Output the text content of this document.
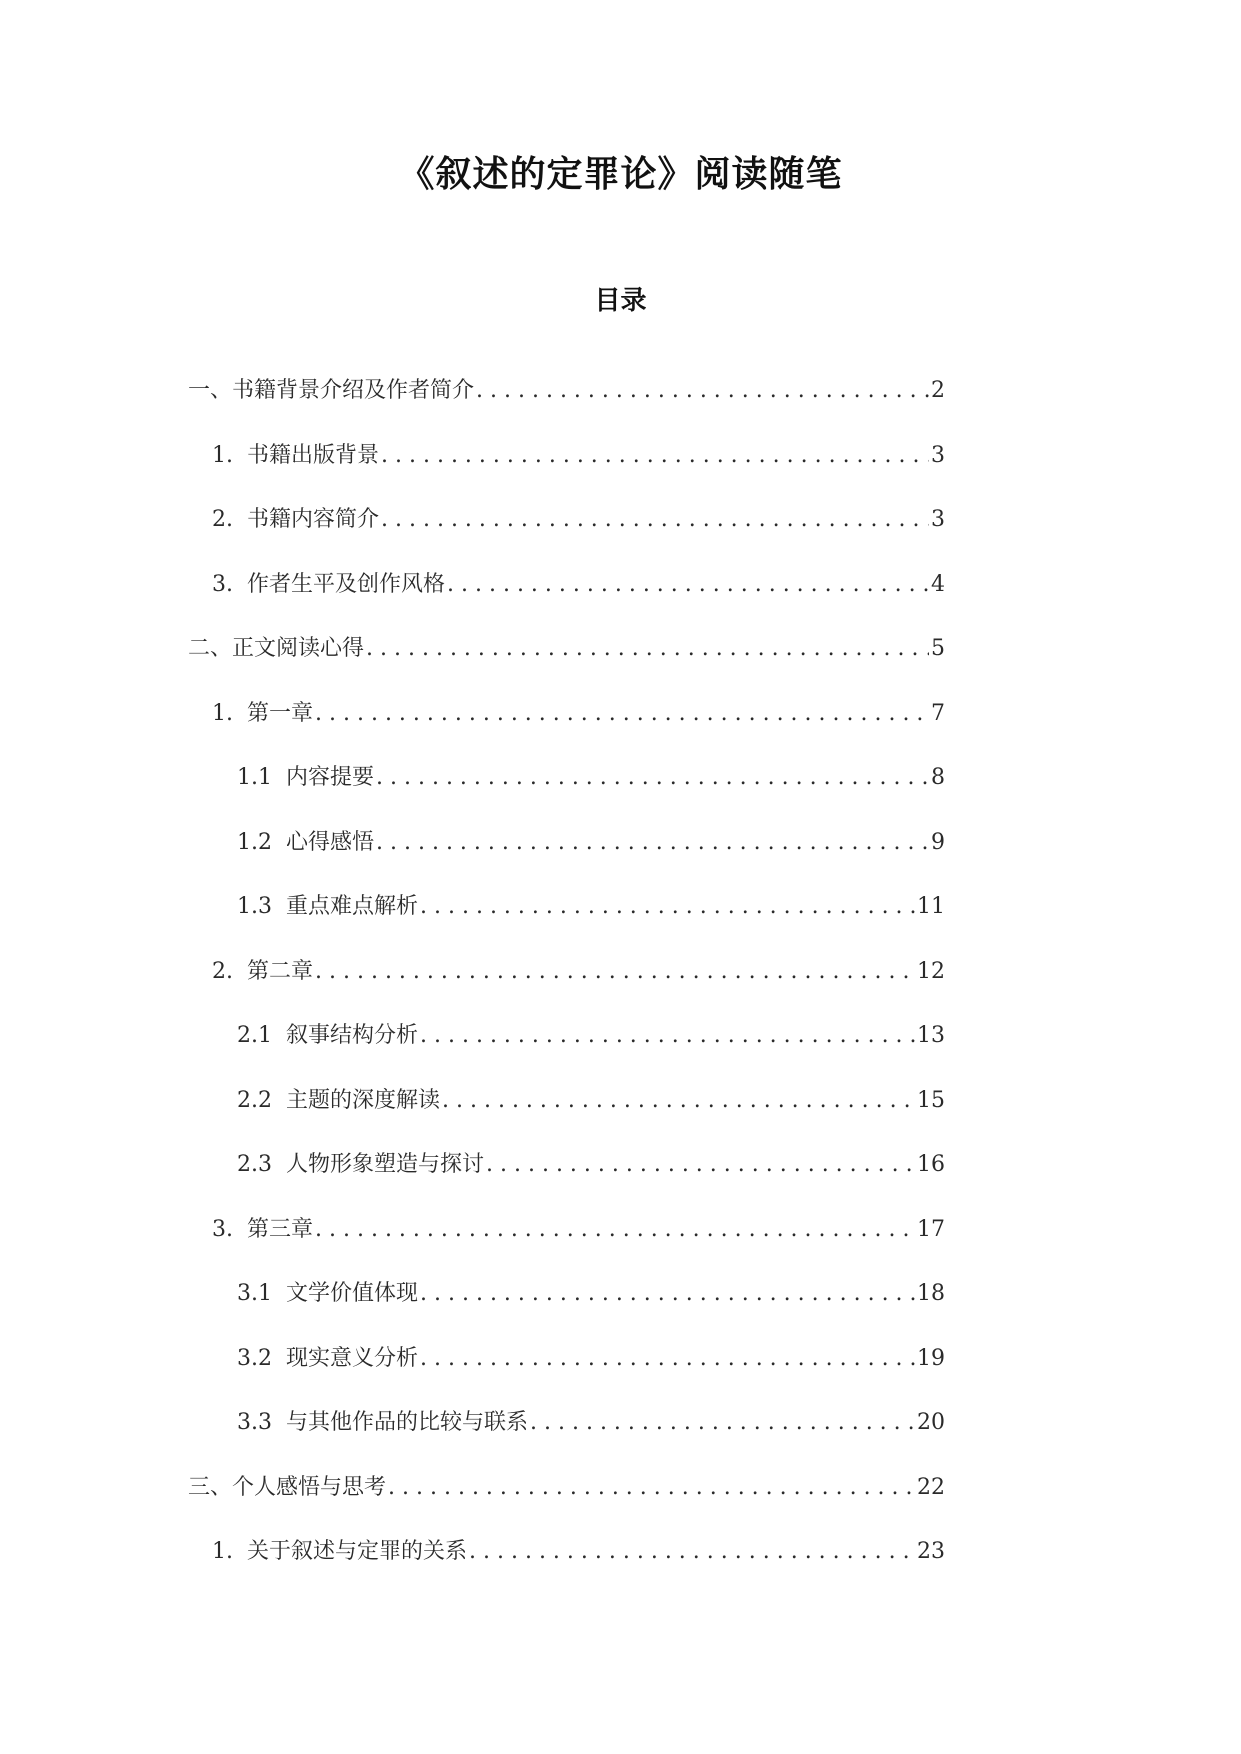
《叙述的定罪论》阅读随笔
目录
一、 书籍背景介绍及作者简介 . . .	2
1. 书籍出版背景 . . .	3
2. 书籍内容简介 . . .	3
3. 作者生平及创作风格 . . .	4
二、 正文阅读心得 . . .	5
1. 第一章 . . .	7
1.1 内容提要 . . .	8
1.2 心得感悟 . . .	9
1.3 重点难点解析 . . .	11
2. 第二章 . . .	12
2.1 叙事结构分析 . . .	13
2.2 主题的深度解读 . . .	15
2.3 人物形象塑造与探讨 . . .	16
3. 第三章 . . .	17
3.1 文学价值体现 . . .	18
3.2 现实意义分析 . . .	19
3.3 与其他作品的比较与联系 . . .	20
三、 个人感悟与思考 . . .	22
1. 关于叙述与定罪的关系 . . .	23
